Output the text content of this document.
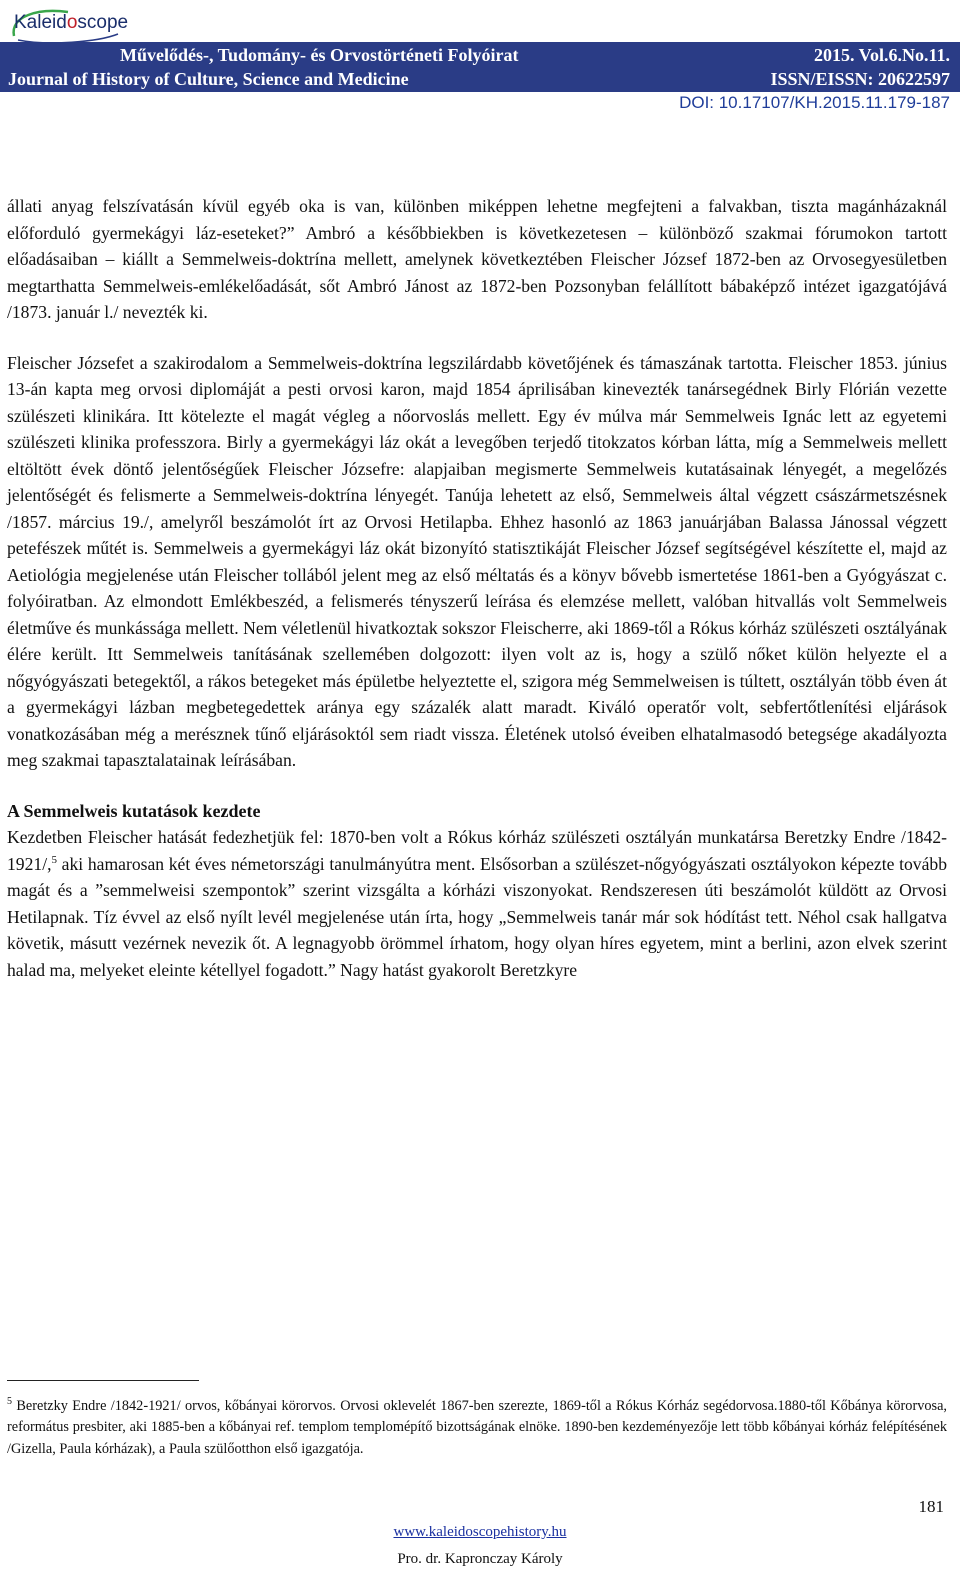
Kaleidoscope
Művelődés-, Tudomány- és Orvostörténeti Folyóirat	2015. Vol.6.No.11.
Journal of History of Culture, Science and Medicine	ISSN/EISSN: 20622597
DOI: 10.17107/KH.2015.11.179-187

állati anyag felszívatásán kívül egyéb oka is van, különben miképpen lehetne megfejteni a falvakban, tiszta magánházaknál előforduló gyermekágyi láz-eseteket?” Ambró a későbbiekben is következetesen – különböző szakmai fórumokon tartott előadásaiban – kiállt a Semmelweis-doktrína mellett, amelynek következtében Fleischer József 1872-ben az Orvosegyesületben megtarthatta Semmelweis-emlékelőadását, sőt Ambró Jánost az 1872-ben Pozsonyban felállított bábaképző intézet igazgatójává /1873. január l./ nevezték ki.

Fleischer Józsefet a szakirodalom a Semmelweis-doktrína legszilárdabb követőjének és támaszának tartotta. Fleischer 1853. június 13-án kapta meg orvosi diplomáját a pesti orvosi karon, majd 1854 áprilisában kinevezték tanársegédnek Birly Flórián vezette szülészeti klinikára. Itt kötelezte el magát végleg a nőorvoslás mellett. Egy év múlva már Semmelweis Ignác lett az egyetemi szülészeti klinika professzora. Birly a gyermekágyi láz okát a levegőben terjedő titokzatos kórban látta, míg a Semmelweis mellett eltöltött évek döntő jelentőségűek Fleischer Józsefre: alapjaiban megismerte Semmelweis kutatásainak lényegét, a megelőzés jelentőségét és felismerte a Semmelweis-doktrína lényegét. Tanúja lehetett az első, Semmelweis által végzett császármetszésnek /1857. március 19./, amelyről beszámolót írt az Orvosi Hetilapba. Ehhez hasonló az 1863 januárjában Balassa Jánossal végzett petefészek műtét is. Semmelweis a gyermekágyi láz okát bizonyító statisztikáját Fleischer József segítségével készítette el, majd az Aetiológia megjelenése után Fleischer tollából jelent meg az első méltatás és a könyv bővebb ismertetése 1861-ben a Gyógyászat c. folyóiratban. Az elmondott Emlékbeszéd, a felismerés tényszerű leírása és elemzése mellett, valóban hitvallás volt Semmelweis életműve és munkássága mellett. Nem véletlenül hivatkoztak sokszor Fleischerre, aki 1869-től a Rókus kórház szülészeti osztályának élére került. Itt Semmelweis tanításának szellemében dolgozott: ilyen volt az is, hogy a szülő nőket külön helyezte el a nőgyógyászati betegektől, a rákos betegeket más épületbe helyeztette el, szigora még Semmelweisen is túltett, osztályán több éven át a gyermekágyi lázban megbetegedettek aránya egy százalék alatt maradt. Kiváló operatőr volt, sebfertőtlenítési eljárások vonatkozásában még a merésznek tűnő eljárásoktól sem riadt vissza. Életének utolsó éveiben elhatalmasodó betegsége akadályozta meg szakmai tapasztalatainak leírásában.

A Semmelweis kutatások kezdete

Kezdetben Fleischer hatását fedezhetjük fel: 1870-ben volt a Rókus kórház szülészeti osztályán munkatársa Beretzky Endre /1842-1921/,$^5$ aki hamarosan két éves németországi tanulmányútra ment. Elsősorban a szülészet-nőgyógyászati osztályokon képezte tovább magát és a ”semmelweisi szempontok” szerint vizsgálta a kórházi viszonyokat. Rendszeresen úti beszámolót küldött az Orvosi Hetilapnak. Tíz évvel az első nyílt levél megjelenése után írta, hogy „Semmelweis tanár már sok hódítást tett. Néhol csak hallgatva követik, másutt vezérnek nevezik őt. A legnagyobb örömmel írhatom, hogy olyan híres egyetem, mint a berlini, azon elvek szerint halad ma, melyeket eleinte kétellyel fogadott.” Nagy hatást gyakorolt Beretzkyre

$^5$ Beretzky Endre /1842-1921/ orvos, kőbányai körorvos. Orvosi oklevelét 1867-ben szerezte, 1869-től a Rókus Kórház segédorvosa.1880-től Kőbánya körorvosa, református presbiter, aki 1885-ben a kőbányai ref. templom templomépítő bizottságának elnöke. 1890-ben kezdeményezője lett több kőbányai kórház felépítésének /Gizella, Paula kórházak), a Paula szülőotthon első igazgatója.
181
www.kaleidoscopehistory.hu
Pro. dr. Kapronczay Károly
